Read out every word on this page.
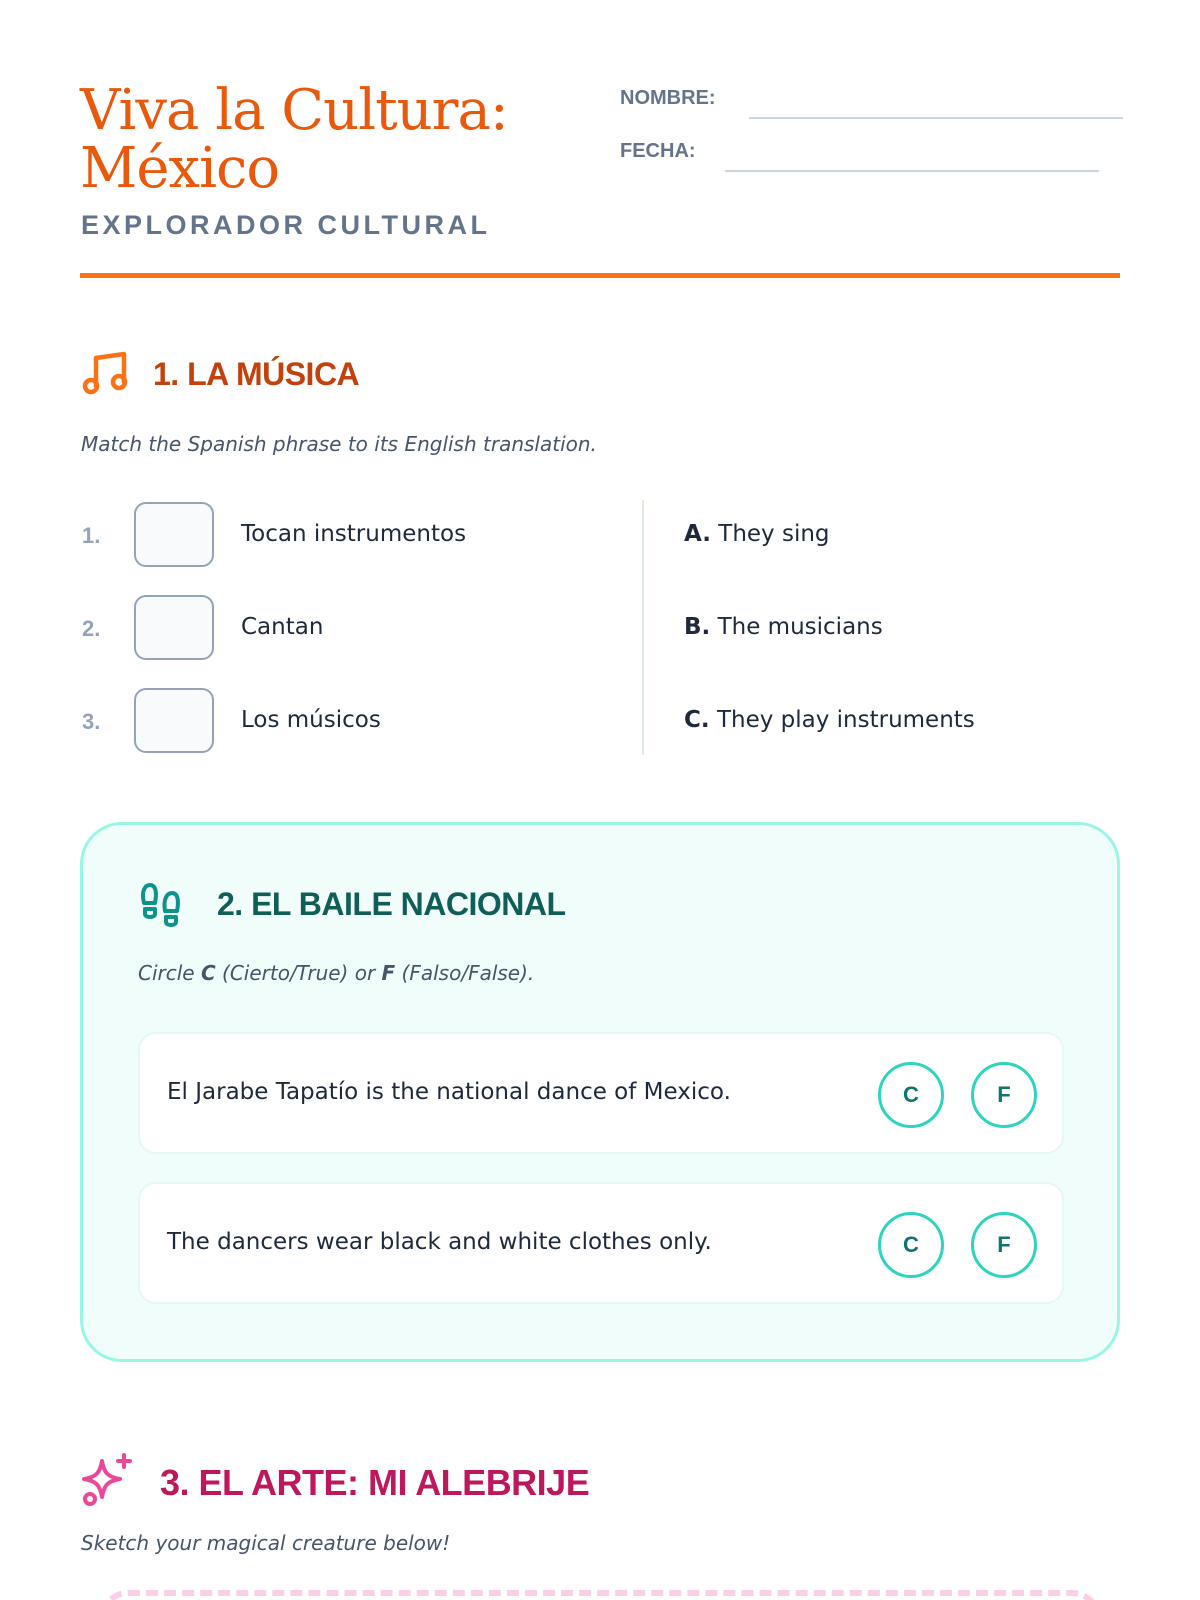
Viva la Cultura:
México
EXPLORADOR CULTURAL
NOMBRE:
FECHA:
1. LA MÚSICA
Match the Spanish phrase to its English translation.
1.	Tocan instrumentos
2.	Cantan
3.	Los músicos
A. They sing
B. The musicians
C. They play instruments
2. EL BAILE NACIONAL
Circle C (Cierto/True) or F (Falso/False).
El Jarabe Tapatío is the national dance of Mexico.	C	F
The dancers wear black and white clothes only.	C	F
3. EL ARTE: MI ALEBRIJE
Sketch your magical creature below!
